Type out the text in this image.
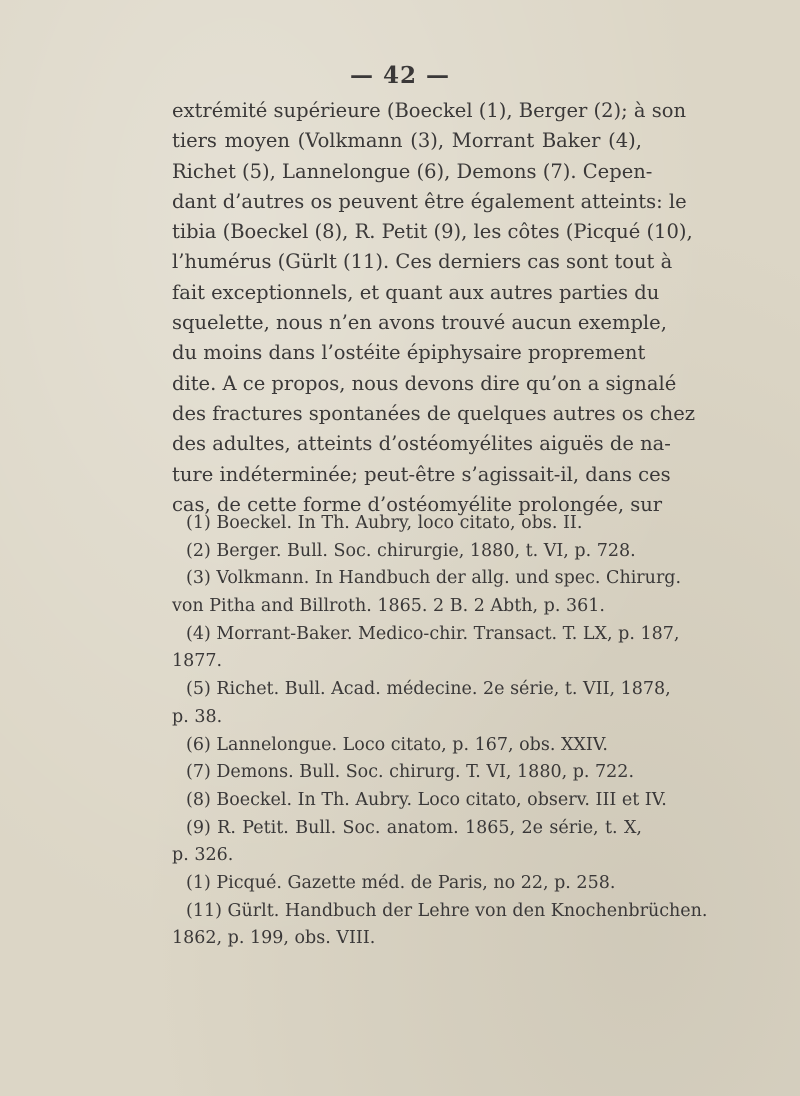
— 42 —
extrémité supérieure (Boeckel (1), Berger (2); à son
tiers moyen (Volkmann (3), Morrant Baker (4),
Richet (5), Lannelongue (6), Demons (7). Cepen-
dant d’autres os peuvent être également atteints: le
tibia (Boeckel (8), R. Petit (9), les côtes (Picqué (10),
l’humérus (Gürlt (11). Ces derniers cas sont tout à
fait exceptionnels, et quant aux autres parties du
squelette, nous n’en avons trouvé aucun exemple,
du moins dans l’ostéite épiphysaire proprement
dite. A ce propos, nous devons dire qu’on a signalé
des fractures spontanées de quelques autres os chez
des adultes, atteints d’ostéomyélites aiguës de na-
ture indéterminée; peut-être s’agissait-il, dans ces
cas, de cette forme d’ostéomyélite prolongée, sur
(1) Boeckel. In Th. Aubry, loco citato, obs. II.
(2) Berger. Bull. Soc. chirurgie, 1880, t. VI, p. 728.
(3) Volkmann. In Handbuch der allg. und spec. Chirurg.
von Pitha and Billroth. 1865. 2 B. 2 Abth, p. 361.
(4) Morrant-Baker. Medico-chir. Transact. T. LX, p. 187,
1877.
(5) Richet. Bull. Acad. médecine. 2e série, t. VII, 1878,
p. 38.
(6) Lannelongue. Loco citato, p. 167, obs. XXIV.
(7) Demons. Bull. Soc. chirurg. T. VI, 1880, p. 722.
(8) Boeckel. In Th. Aubry. Loco citato, observ. III et IV.
(9) R. Petit. Bull. Soc. anatom. 1865, 2e série, t. X,
p. 326.
(1) Picqué. Gazette méd. de Paris, no 22, p. 258.
(11) Gürlt. Handbuch der Lehre von den Knochenbrüchen.
1862, p. 199, obs. VIII.
